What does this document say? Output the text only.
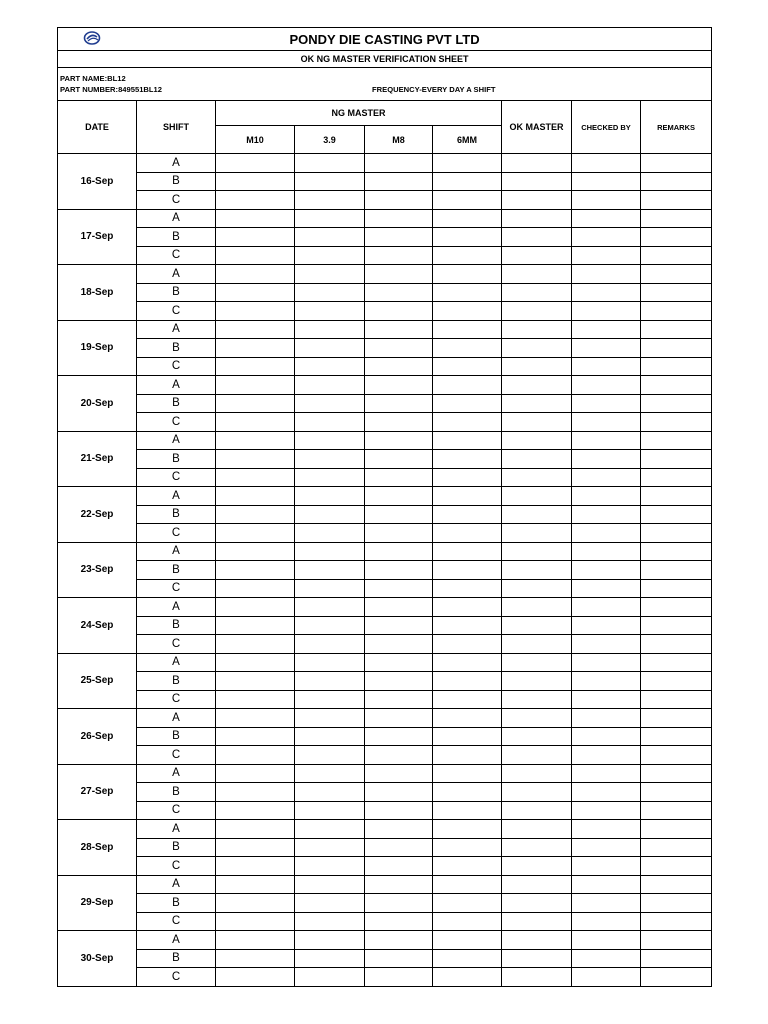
PONDY DIE CASTING PVT LTD								
OK NG MASTER VERIFICATION SHEET								

PART NAME:BL12
PART NUMBER:849551BL12 FREQUENCY-EVERY DAY A SHIFT								

DATE	SHIFT	NG MASTER				OK MASTER	CHECKED BY	REMARKS
		M10	3.9	M8	6MM			
16-Sep	A							
	B							
	C							
17-Sep	A							
	B							
	C							
18-Sep	A							
	B							
	C							
19-Sep	A							
	B							
	C							
20-Sep	A							
	B							
	C							
21-Sep	A							
	B							
	C							
22-Sep	A							
	B							
	C							
23-Sep	A							
	B							
	C							
24-Sep	A							
	B							
	C							
25-Sep	A							
	B							
	C							
26-Sep	A							
	B							
	C							
27-Sep	A							
	B							
	C							
28-Sep	A							
	B							
	C							
29-Sep	A							
	B							
	C							
30-Sep	A							
	B							
	C							
